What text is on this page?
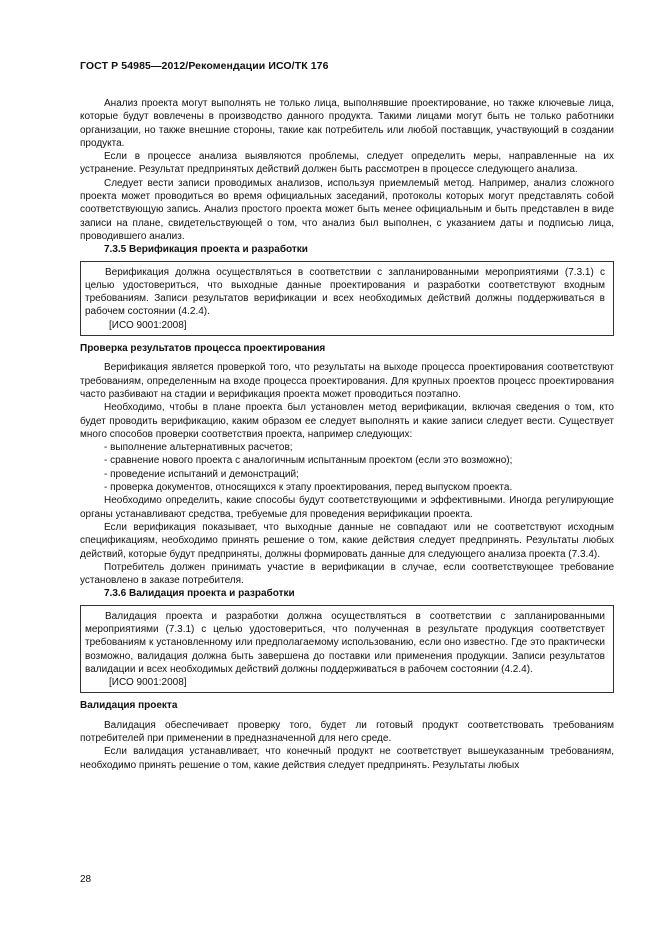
ГОСТ Р 54985—2012/Рекомендации ИСО/ТК 176

Анализ проекта могут выполнять не только лица, выполнявшие проектирование, но также ключевые лица, которые будут вовлечены в производство данного продукта. Такими лицами могут быть не только работники организации, но также внешние стороны, такие как потребитель или любой поставщик, участвующий в создании продукта.

Если в процессе анализа выявляются проблемы, следует определить меры, направленные на их устранение. Результат предпринятых действий должен быть рассмотрен в процессе следующего анализа.

Следует вести записи проводимых анализов, используя приемлемый метод. Например, анализ сложного проекта может проводиться во время официальных заседаний, протоколы которых могут представлять собой соответствующую запись. Анализ простого проекта может быть менее официальным и быть представлен в виде записи на плане, свидетельствующей о том, что анализ был выполнен, с указанием даты и подписью лица, проводившего анализ.

7.3.5 Верификация проекта и разработки

Верификация должна осуществляться в соответствии с запланированными мероприятиями (7.3.1) с целью удостовериться, что выходные данные проектирования и разработки соответствуют входным требованиям. Записи результатов верификации и всех необходимых действий должны поддерживаться в рабочем состоянии (4.2.4).

[ИСО 9001:2008]

Проверка результатов процесса проектирования

Верификация является проверкой того, что результаты на выходе процесса проектирования соответствуют требованиям, определенным на входе процесса проектирования. Для крупных проектов процесс проектирования часто разбивают на стадии и верификация проекта может проводиться поэтапно.

Необходимо, чтобы в плане проекта был установлен метод верификации, включая сведения о том, кто будет проводить верификацию, каким образом ее следует выполнять и какие записи следует вести. Существует много способов проверки соответствия проекта, например следующих:

- выполнение альтернативных расчетов;

- сравнение нового проекта с аналогичным испытанным проектом (если это возможно);

- проведение испытаний и демонстраций;

- проверка документов, относящихся к этапу проектирования, перед выпуском проекта.

Необходимо определить, какие способы будут соответствующими и эффективными. Иногда регулирующие органы устанавливают средства, требуемые для проведения верификации проекта.

Если верификация показывает, что выходные данные не совпадают или не соответствуют исходным спецификациям, необходимо принять решение о том, какие действия следует предпринять. Результаты любых действий, которые будут предприняты, должны формировать данные для следующего анализа проекта (7.3.4).

Потребитель должен принимать участие в верификации в случае, если соответствующее требование установлено в заказе потребителя.

7.3.6 Валидация проекта и разработки

Валидация проекта и разработки должна осуществляться в соответствии с запланированными мероприятиями (7.3.1) с целью удостовериться, что полученная в результате продукция соответствует требованиям к установленному или предполагаемому использованию, если оно известно. Где это практически возможно, валидация должна быть завершена до поставки или применения продукции. Записи результатов валидации и всех необходимых действий должны поддерживаться в рабочем состоянии (4.2.4).

[ИСО 9001:2008]

Валидация проекта

Валидация обеспечивает проверку того, будет ли готовый продукт соответствовать требованиям потребителей при применении в предназначенной для него среде.

Если валидация устанавливает, что конечный продукт не соответствует вышеуказанным требованиям, необходимо принять решение о том, какие действия следует предпринять. Результаты любых

28
